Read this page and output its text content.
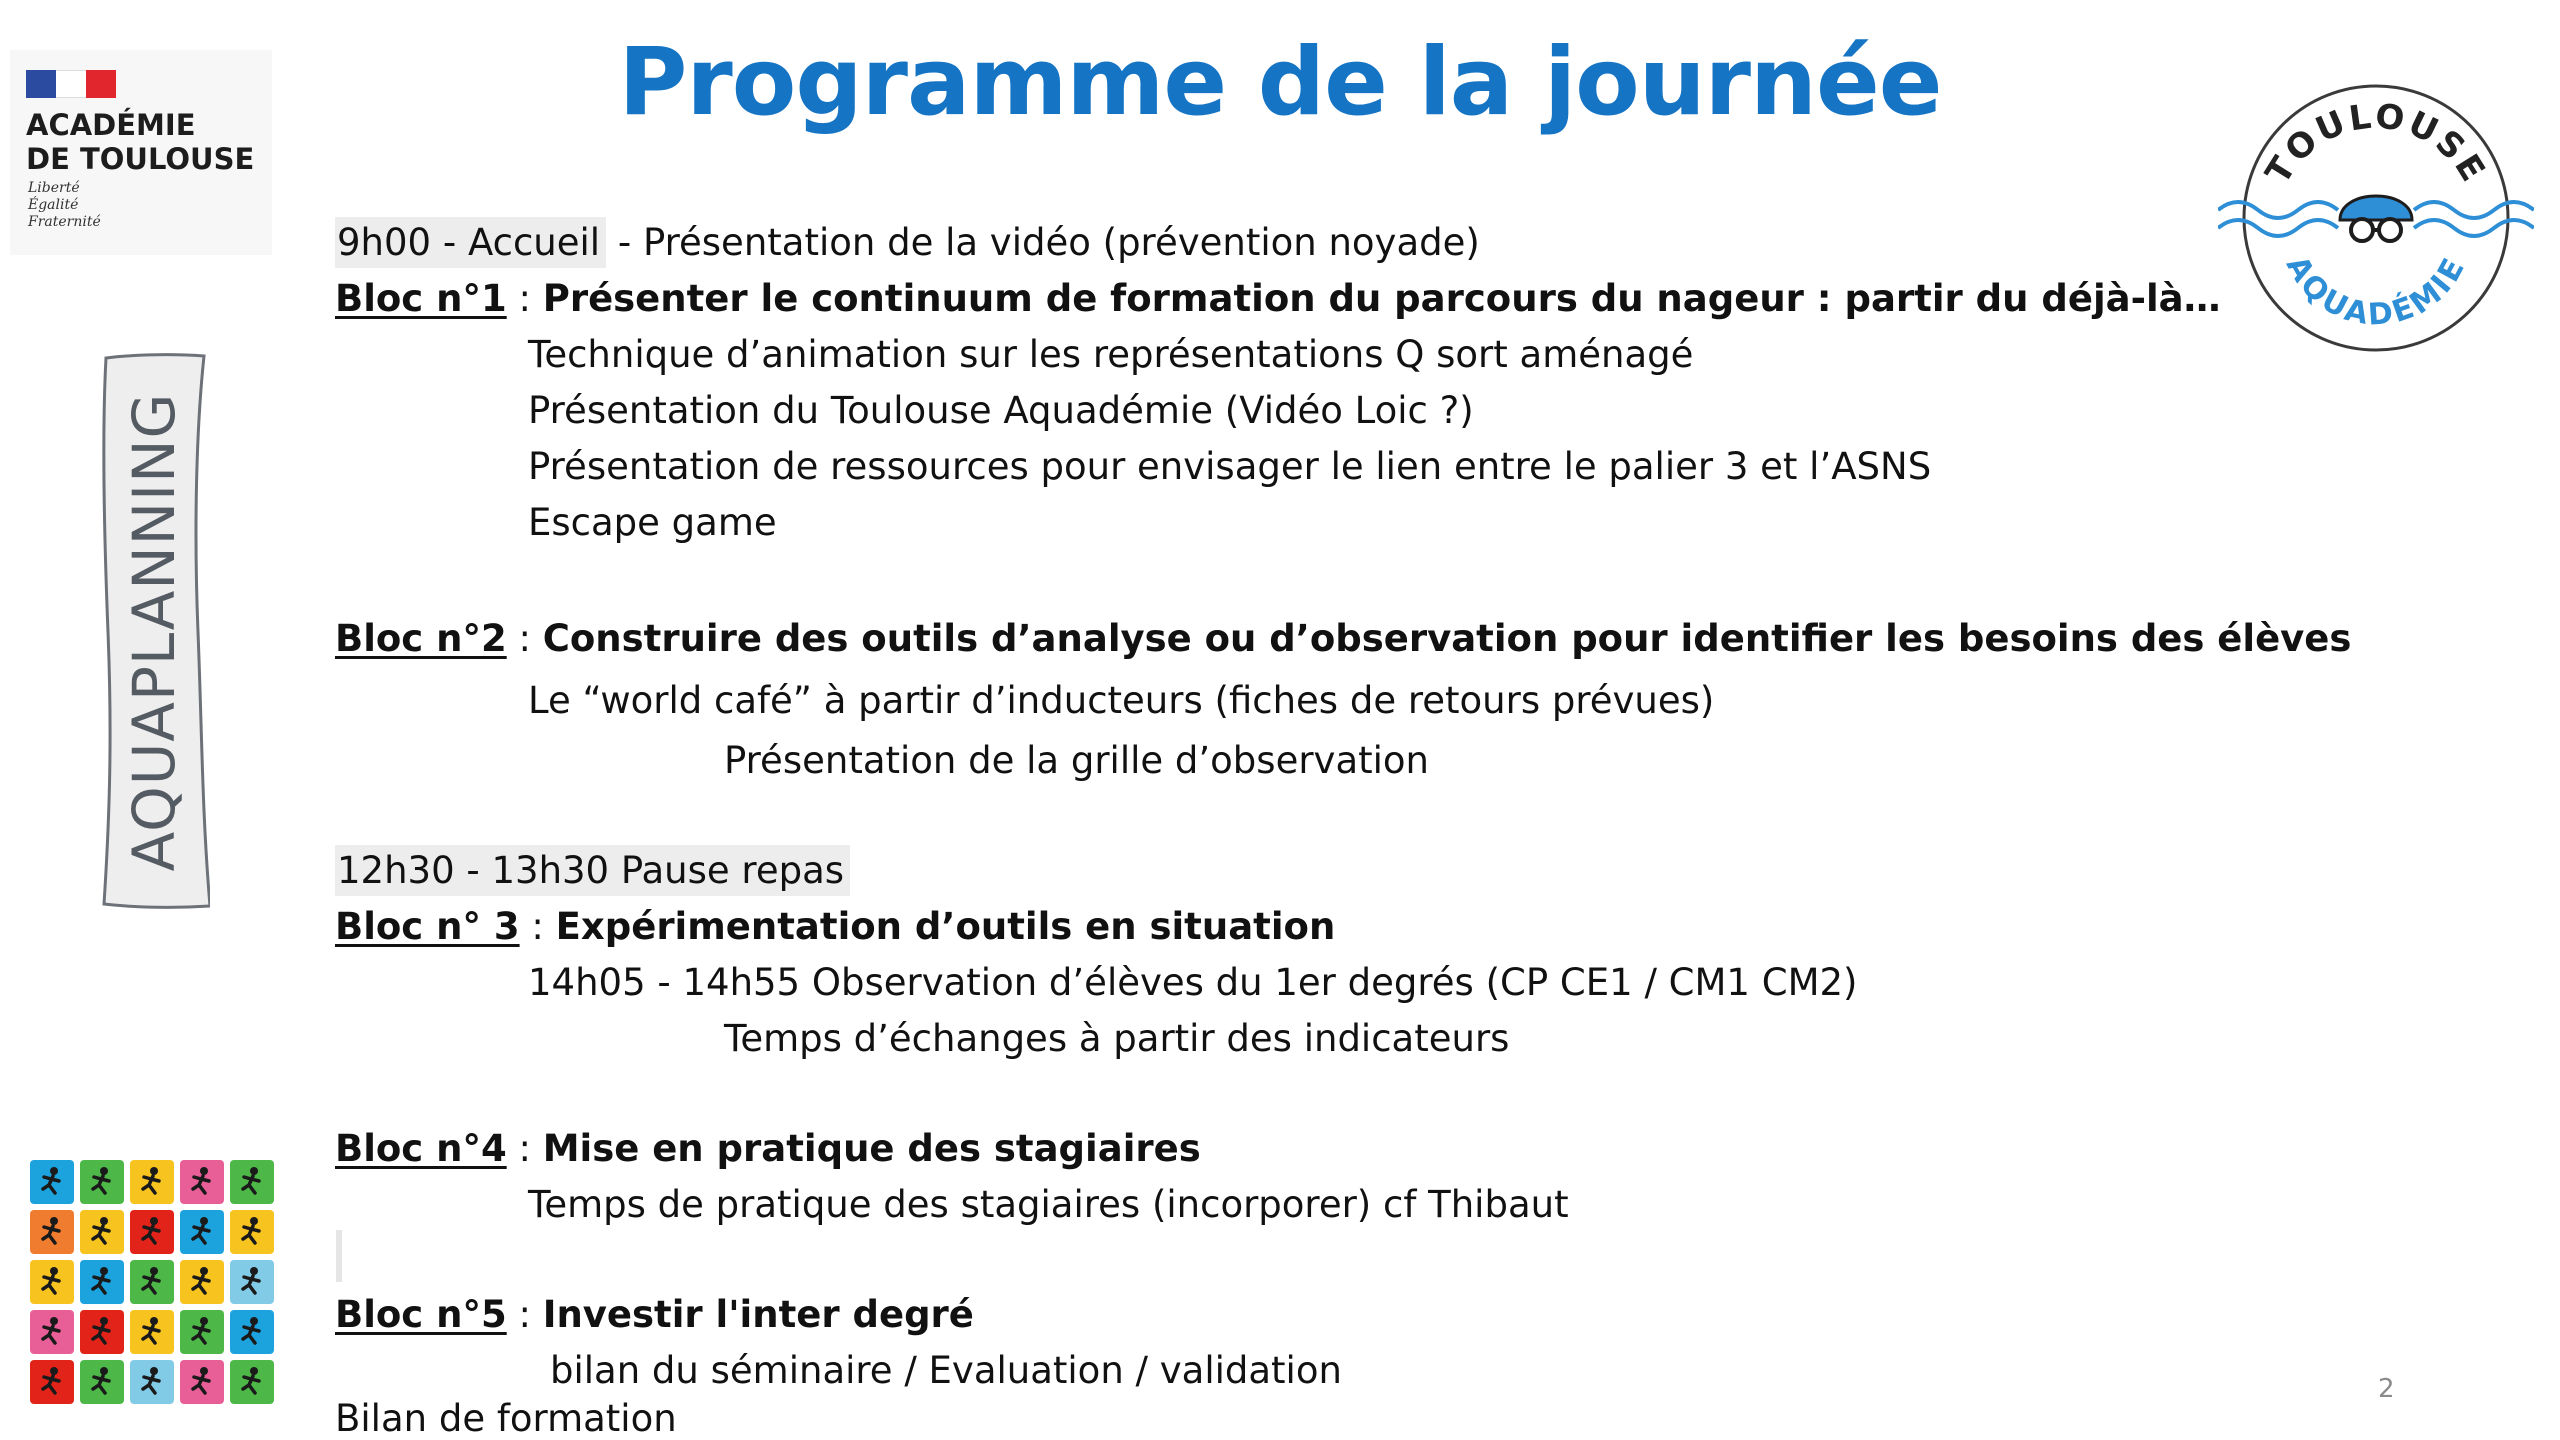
Programme de la journée
ACADÉMIE
DE TOULOUSE
Liberté
Égalité
Fraternité
AQUAPLANNING
TOULOUSE
AQUADÉMIE
9h00 - Accueil - Présentation de la vidéo (prévention noyade)
Bloc n°1 : Présenter le continuum de formation du parcours du nageur : partir du déjà-là…
Technique d’animation sur les représentations Q sort aménagé
Présentation du Toulouse Aquadémie (Vidéo Loic ?)
Présentation de ressources pour envisager le lien entre le palier 3 et l’ASNS
Escape game
Bloc n°2 : Construire des outils d’analyse ou d’observation pour identifier les besoins des élèves
Le “world café” à partir d’inducteurs (fiches de retours prévues)
Présentation de la grille d’observation
12h30 - 13h30 Pause repas
Bloc n° 3 : Expérimentation d’outils en situation
14h05 - 14h55 Observation d’élèves du 1er degrés (CP CE1 / CM1 CM2)
Temps d’échanges à partir des indicateurs
Bloc n°4 : Mise en pratique des stagiaires
Temps de pratique des stagiaires (incorporer) cf Thibaut
Bloc n°5 : Investir l'inter degré
bilan du séminaire / Evaluation / validation
Bilan de formation
2
